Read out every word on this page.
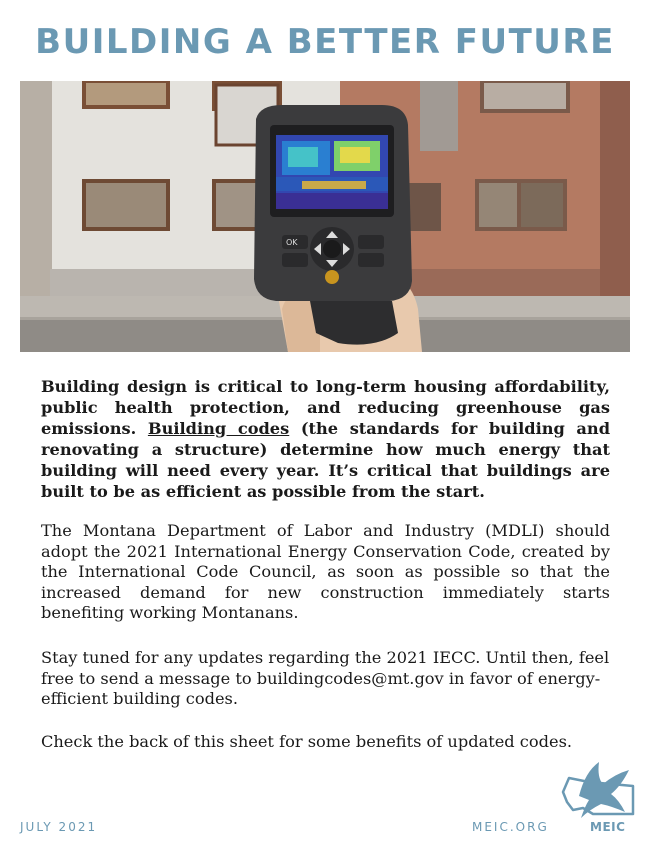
BUILDING A BETTER FUTURE
OK
Building design is critical to long-term housing affordability, public health protection, and reducing greenhouse gas emissions. Building codes (the standards for building and renovating a structure) determine how much energy that building will need every year. It’s critical that buildings are built to be as efficient as possible from the start.
The Montana Department of Labor and Industry (MDLI) should adopt the 2021 International Energy Conservation Code, created by the International Code Council, as soon as possible so that the increased demand for new construction immediately starts benefiting working Montanans.
Stay tuned for any updates regarding the 2021 IECC. Until then, feel free to send a message to buildingcodes@mt.gov in favor of energy-efficient building codes.
Check the back of this sheet for some benefits of updated codes.
JULY 2021	MEIC.ORG	MEIC
